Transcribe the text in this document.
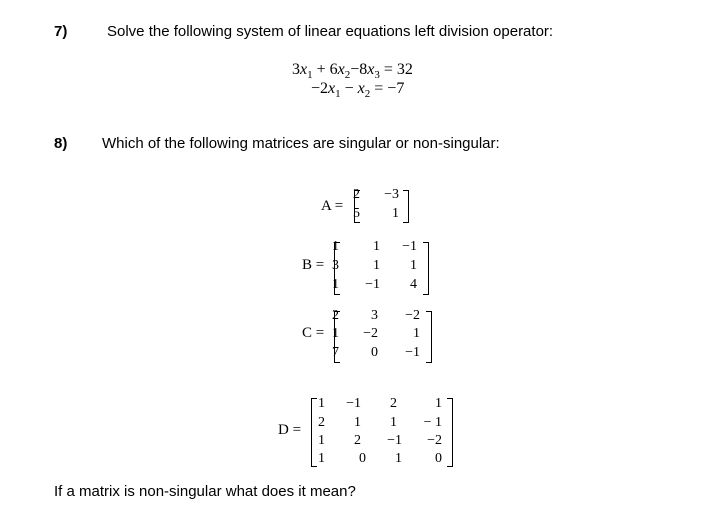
7)	Solve the following system of linear equations left division operator:
$3x_1 + 6x_2-8x_3 = 32$
$-2x_1 - x_2 = -7$
8) Which of the following matrices are singular or non-singular:
A =
2	−3
5	1
B =
1	1	−1
3	1	1
1	−1	4
C =
2	3	−2
1	−2	1
7	0	−1
D =
1	−1	2	1
2	1	1	− 1
1	2	−1	−2
1	0	1	0
If a matrix is non-singular what does it mean?
